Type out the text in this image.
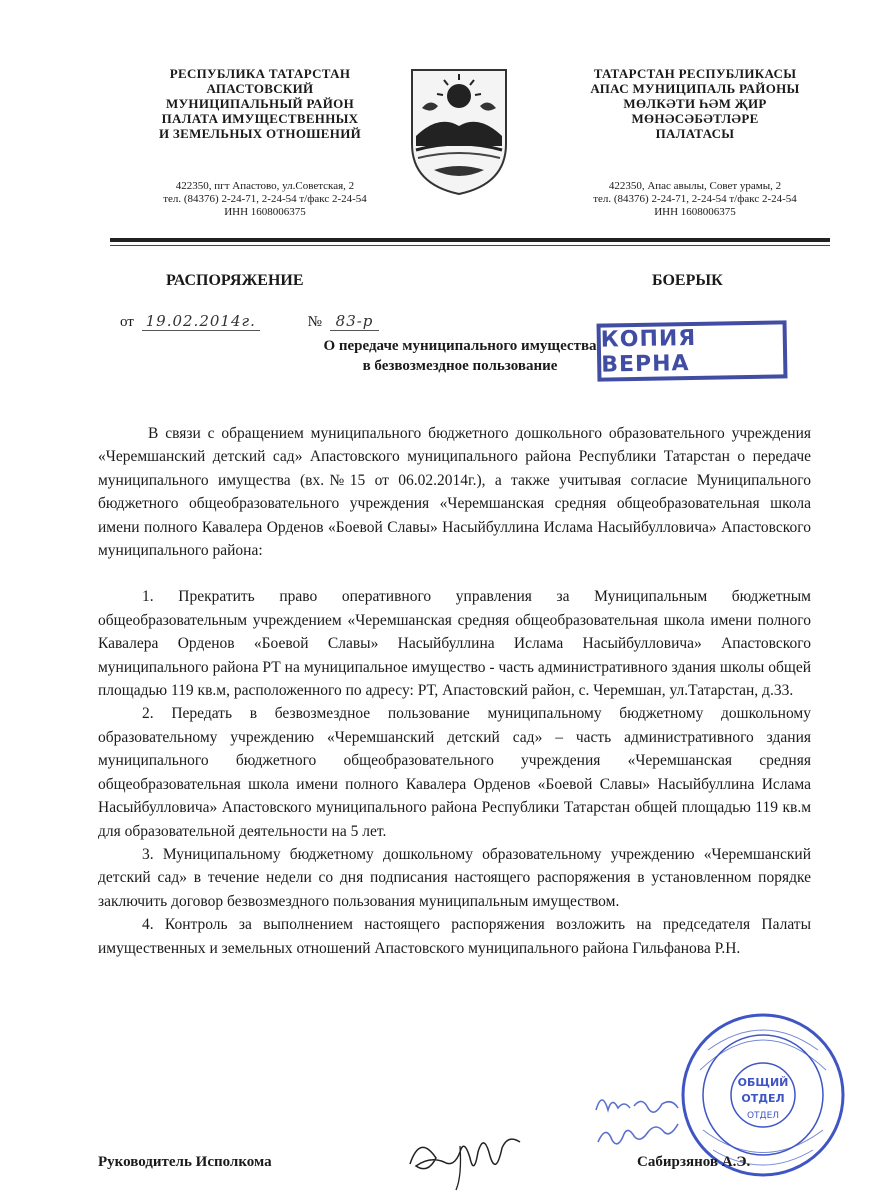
РЕСПУБЛИКА ТАТАРСТАН
АПАСТОВСКИЙ
МУНИЦИПАЛЬНЫЙ РАЙОН
ПАЛАТА ИМУЩЕСТВЕННЫХ
И ЗЕМЕЛЬНЫХ ОТНОШЕНИЙ
ТАТАРСТАН РЕСПУБЛИКАСЫ
АПАС МУНИЦИПАЛЬ РАЙОНЫ
МӨЛКӘТИ ҺӘМ ҖИР
МӨНӘСӘБӘТЛӘРЕ
ПАЛАТАСЫ
422350, пгт Апастово, ул.Советская, 2
тел. (84376) 2-24-71, 2-24-54 т/факс 2-24-54
ИНН 1608006375
422350, Апас авылы, Совет урамы, 2
тел. (84376) 2-24-71, 2-24-54 т/факс 2-24-54
ИНН 1608006375
РАСПОРЯЖЕНИЕ	БОЕРЫК
от 19.02.2014г.	№ 83-р
О передаче муниципального имущества
в безвозмездное пользование
КОПИЯ ВЕРНА

В связи с обращением муниципального бюджетного дошкольного образовательного учреждения «Черемшанский детский сад» Апастовского муниципального района Республики Татарстан о передаче муниципального имущества (вх.№15 от 06.02.2014г.), а также учитывая согласие Муниципального бюджетного общеобразовательного учреждения «Черемшанская средняя общеобразовательная школа имени полного Кавалера Орденов «Боевой Славы» Насыйбуллина Ислама Насыйбулловича» Апастовского муниципального района:

1. Прекратить право оперативного управления за Муниципальным бюджетным общеобразовательным учреждением «Черемшанская средняя общеобразовательная школа имени полного Кавалера Орденов «Боевой Славы» Насыйбуллина Ислама Насыйбулловича» Апастовского муниципального района РТ на муниципальное имущество - часть административного здания школы общей площадью 119 кв.м, расположенного по адресу: РТ, Апастовский район, с. Черемшан, ул.Татарстан, д.33.

2. Передать в безвозмездное пользование муниципальному бюджетному дошкольному образовательному учреждению «Черемшанский детский сад» – часть административного здания муниципального бюджетного общеобразовательного учреждения «Черемшанская средняя общеобразовательная школа имени полного Кавалера Орденов «Боевой Славы» Насыйбуллина Ислама Насыйбулловича» Апастовского муниципального района Республики Татарстан общей площадью 119 кв.м для образовательной деятельности на 5 лет.

3. Муниципальному бюджетному дошкольному образовательному учреждению «Черемшанский детский сад» в течение недели со дня подписания настоящего распоряжения в установленном порядке заключить договор безвозмездного пользования муниципальным имуществом.

4. Контроль за выполнением настоящего распоряжения возложить на председателя Палаты имущественных и земельных отношений Апастовского муниципального района Гильфанова Р.Н.

ОБЩИЙ
ОТДЕЛ
ОТДЕЛ
Руководитель Исполкома	Сабирзянов А.Э.
